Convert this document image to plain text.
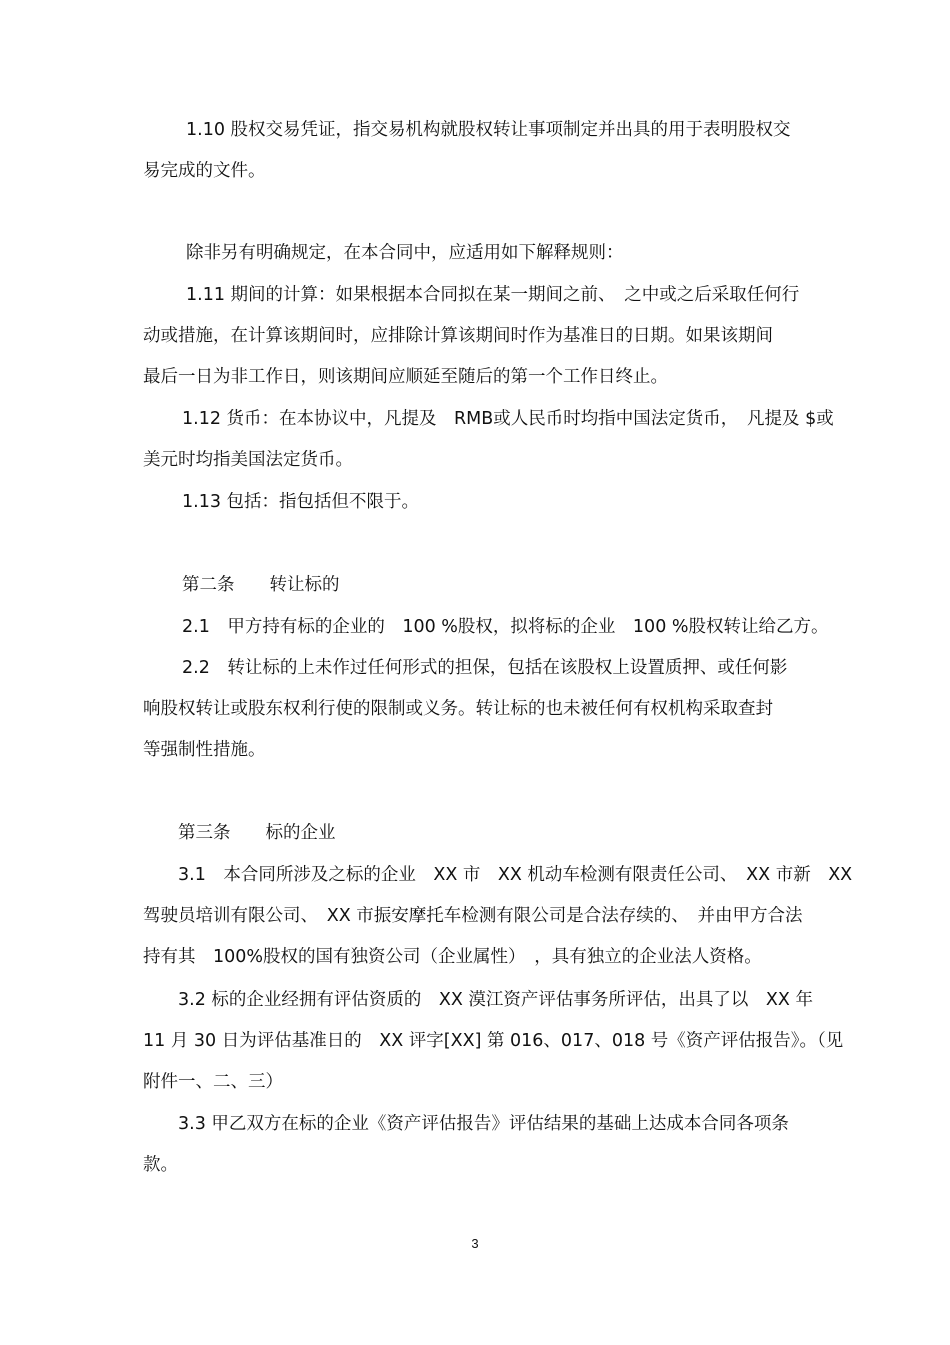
1.10 股权交易凭证，指交易机构就股权转让事项制定并出具的用于表明股权交
易完成的文件。
除非另有明确规定，在本合同中，应适用如下解释规则：
1.11 期间的计算：如果根据本合同拟在某一期间之前、　之中或之后采取任何行
动或措施，在计算该期间时，应排除计算该期间时作为基准日的日期。如果该期间
最后一日为非工作日，则该期间应顺延至随后的第一个工作日终止。
1.12 货币：在本协议中，凡提及　RMB或人民币时均指中国法定货币，　凡提及 $或
美元时均指美国法定货币。
1.13 包括：指包括但不限于。
第二条　　转让标的
2.1　甲方持有标的企业的　100 %股权，拟将标的企业　100 %股权转让给乙方。
2.2　转让标的上未作过任何形式的担保，包括在该股权上设置质押、或任何影
响股权转让或股东权利行使的限制或义务。转让标的也未被任何有权机构采取查封
等强制性措施。
第三条　　标的企业
3.1　本合同所涉及之标的企业　XX 市　XX 机动车检测有限责任公司、　XX 市新　XX
驾驶员培训有限公司、　XX 市振安摩托车检测有限公司是合法存续的、　并由甲方合法
持有其　100%股权的国有独资公司（企业属性）　，具有独立的企业法人资格。
3.2 标的企业经拥有评估资质的　XX 漠江资产评估事务所评估，出具了以　XX 年
11 月 30 日为评估基准日的　XX 评字[XX] 第 016、017、018 号《资产评估报告》。（见
附件一、二、三）
3.3 甲乙双方在标的企业《资产评估报告》评估结果的基础上达成本合同各项条
款。
3
